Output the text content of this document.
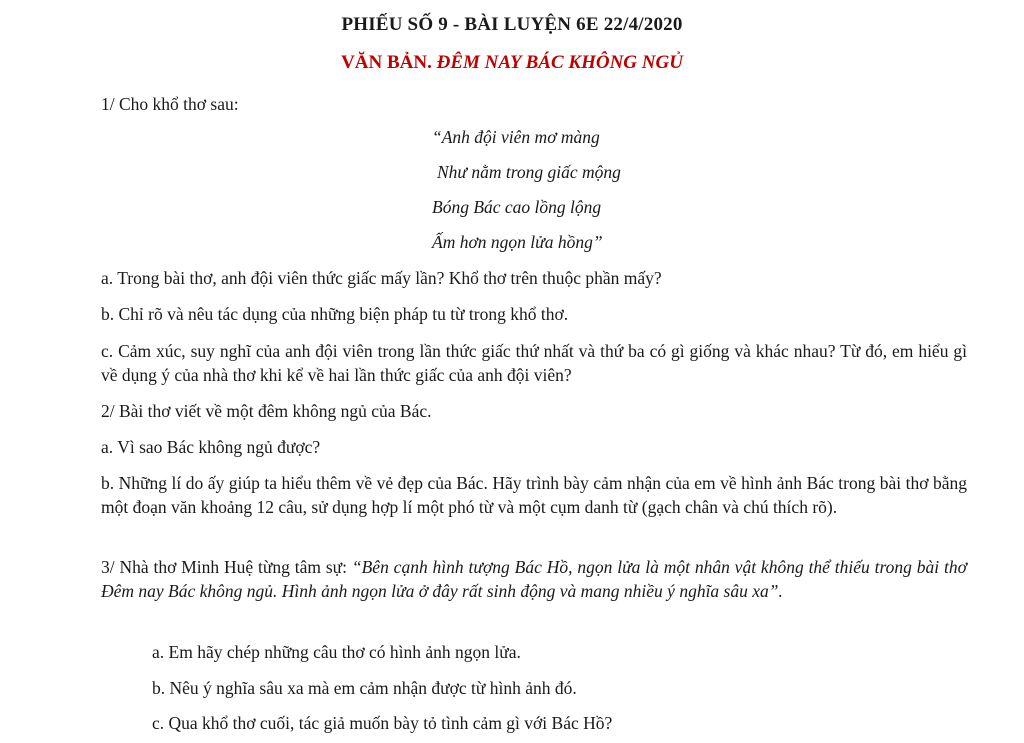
PHIẾU SỐ 9 - BÀI LUYỆN 6E 22/4/2020
VĂN BẢN. ĐÊM NAY BÁC KHÔNG NGỦ
1/ Cho khổ thơ sau:
“Anh đội viên mơ màng
Như nằm trong giấc mộng
Bóng Bác cao lồng lộng
Ấm hơn ngọn lửa hồng”
a. Trong bài thơ, anh đội viên thức giấc mấy lần? Khổ thơ trên thuộc phần mấy?
b. Chỉ rõ và nêu tác dụng của những biện pháp tu từ trong khổ thơ.
c. Cảm xúc, suy nghĩ của anh đội viên trong lần thức giấc thứ nhất và thứ ba có gì giống và khác nhau? Từ đó, em hiểu gì về dụng ý của nhà thơ khi kể về hai lần thức giấc của anh đội viên?
2/ Bài thơ viết về một đêm không ngủ của Bác.
a. Vì sao Bác không ngủ được?
b. Những lí do ấy giúp ta hiểu thêm về vẻ đẹp của Bác. Hãy trình bày cảm nhận của em về hình ảnh Bác trong bài thơ bằng một đoạn văn khoảng 12 câu, sử dụng hợp lí một phó từ và một cụm danh từ (gạch chân và chú thích rõ).
3/ Nhà thơ Minh Huệ từng tâm sự: “Bên cạnh hình tượng Bác Hồ, ngọn lửa là một nhân vật không thể thiếu trong bài thơ Đêm nay Bác không ngủ. Hình ảnh ngọn lửa ở đây rất sinh động và mang nhiều ý nghĩa sâu xa”.
a. Em hãy chép những câu thơ có hình ảnh ngọn lửa.
b. Nêu ý nghĩa sâu xa mà em cảm nhận được từ hình ảnh đó.
c. Qua khổ thơ cuối, tác giả muốn bày tỏ tình cảm gì với Bác Hồ?
